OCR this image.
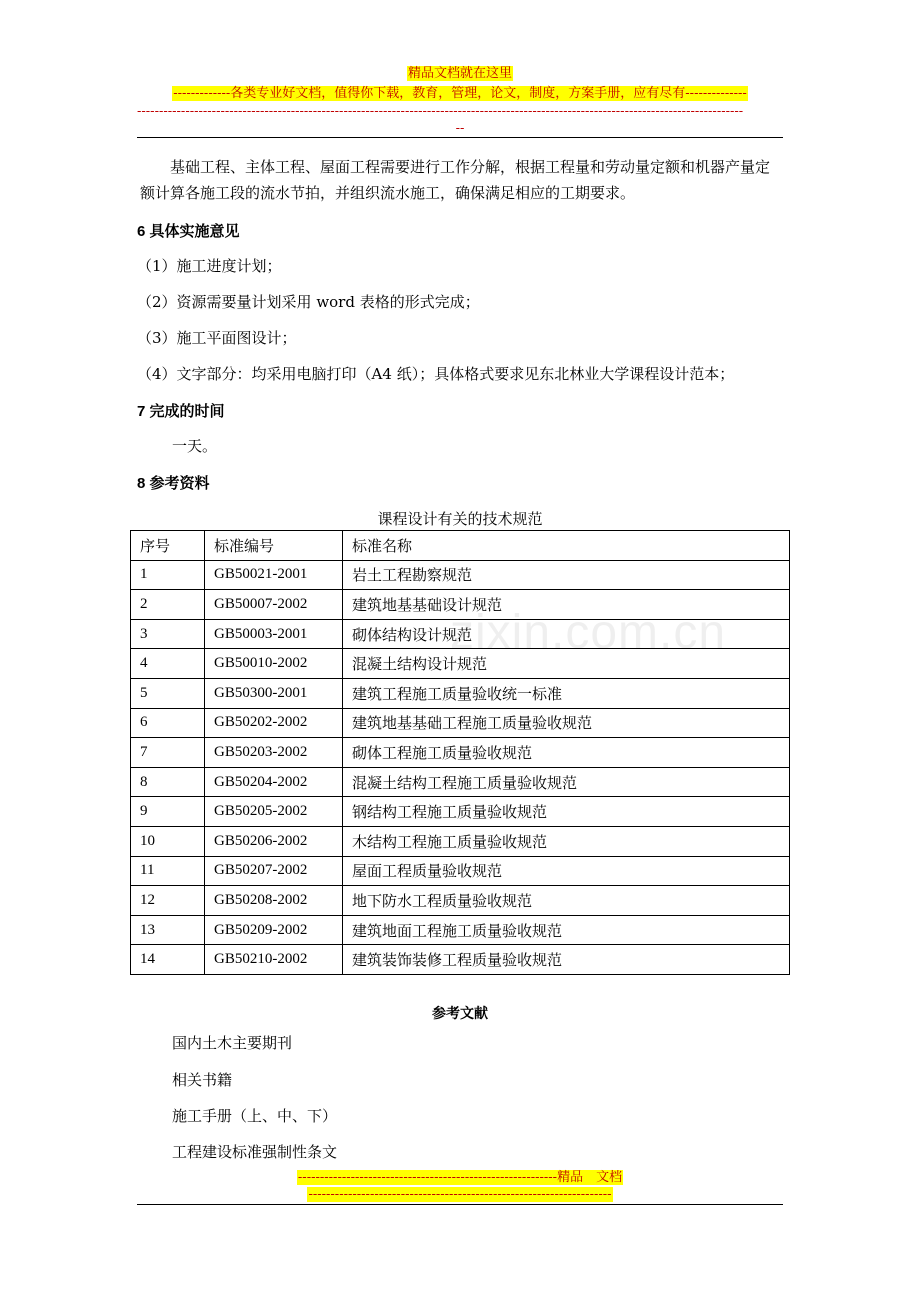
精品文档就在这里
-------------各类专业好文档，值得你下载，教育，管理，论文，制度，方案手册，应有尽有--------------
------------------------------------------------------------------------------------------------------------------------------------------
--
基础工程、主体工程、屋面工程需要进行工作分解，根据工程量和劳动量定额和机器产量定额计算各施工段的流水节拍，并组织流水施工，确保满足相应的工期要求。
6 具体实施意见
（1）施工进度计划；
（2）资源需要量计划采用 word 表格的形式完成；
（3）施工平面图设计；
（4）文字部分：均采用电脑打印（A4 纸）；具体格式要求见东北林业大学课程设计范本；
7 完成的时间
一天。
8 参考资料
课程设计有关的技术规范
序号	标准编号	标准名称
1	GB50021-2001	岩土工程勘察规范
2	GB50007-2002	建筑地基基础设计规范
3	GB50003-2001	砌体结构设计规范
4	GB50010-2002	混凝土结构设计规范
5	GB50300-2001	建筑工程施工质量验收统一标准
6	GB50202-2002	建筑地基基础工程施工质量验收规范
7	GB50203-2002	砌体工程施工质量验收规范
8	GB50204-2002	混凝土结构工程施工质量验收规范
9	GB50205-2002	钢结构工程施工质量验收规范
10	GB50206-2002	木结构工程施工质量验收规范
11	GB50207-2002	屋面工程质量验收规范
12	GB50208-2002	地下防水工程质量验收规范
13	GB50209-2002	建筑地面工程施工质量验收规范
14	GB50210-2002	建筑装饰装修工程质量验收规范
zixin.com.cn
参考文献
国内土木主要期刊
相关书籍
施工手册（上、中、下）
工程建设标准强制性条文
-----------------------------------------------------------精品　文档
---------------------------------------------------------------------
